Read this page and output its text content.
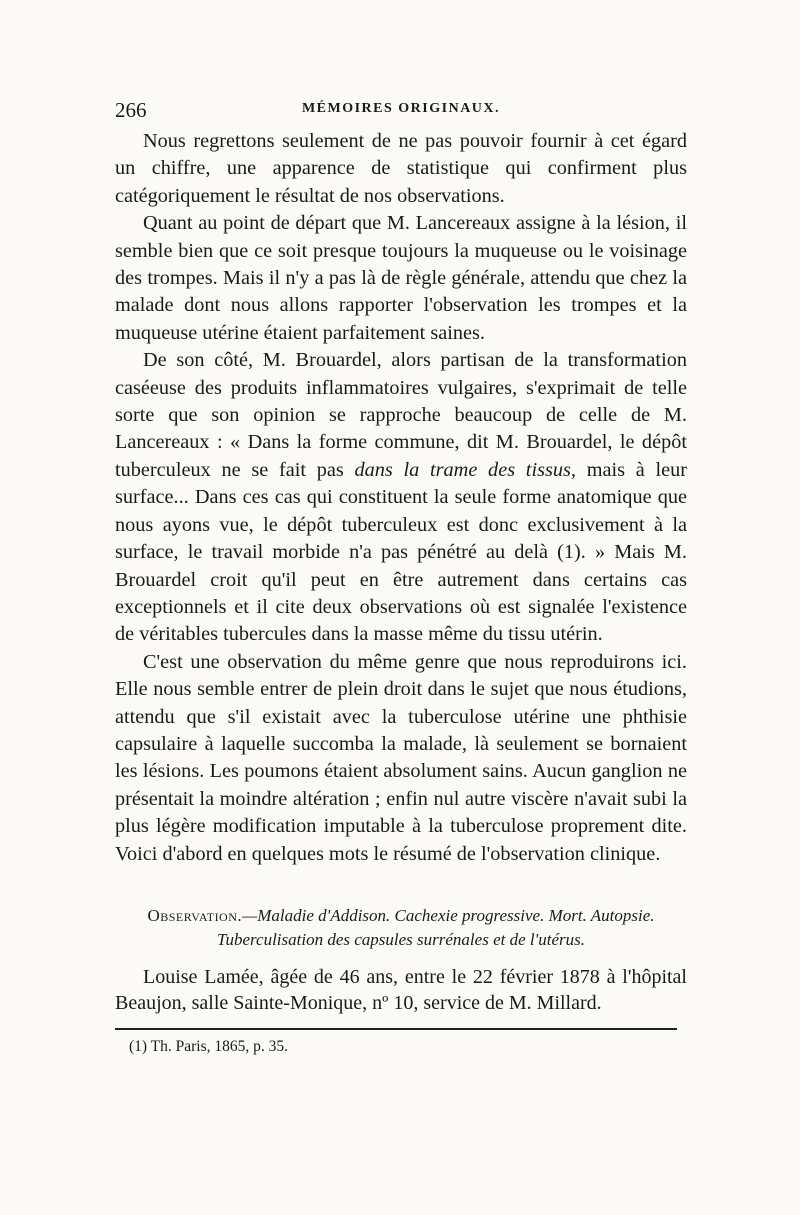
266	MÉMOIRES ORIGINAUX.

Nous regrettons seulement de ne pas pouvoir fournir à cet égard un chiffre, une apparence de statistique qui confirment plus catégoriquement le résultat de nos observations.

Quant au point de départ que M. Lancereaux assigne à la lésion, il semble bien que ce soit presque toujours la muqueuse ou le voisinage des trompes. Mais il n'y a pas là de règle générale, attendu que chez la malade dont nous allons rapporter l'observation les trompes et la muqueuse utérine étaient parfaitement saines.

De son côté, M. Brouardel, alors partisan de la transformation caséeuse des produits inflammatoires vulgaires, s'exprimait de telle sorte que son opinion se rapproche beaucoup de celle de M. Lancereaux : « Dans la forme commune, dit M. Brouardel, le dépôt tuberculeux ne se fait pas dans la trame des tissus, mais à leur surface... Dans ces cas qui constituent la seule forme anatomique que nous ayons vue, le dépôt tuberculeux est donc exclusivement à la surface, le travail morbide n'a pas pénétré au delà (1). » Mais M. Brouardel croit qu'il peut en être autrement dans certains cas exceptionnels et il cite deux observations où est signalée l'existence de véritables tubercules dans la masse même du tissu utérin.

C'est une observation du même genre que nous reproduirons ici. Elle nous semble entrer de plein droit dans le sujet que nous étudions, attendu que s'il existait avec la tuberculose utérine une phthisie capsulaire à laquelle succomba la malade, là seulement se bornaient les lésions. Les poumons étaient absolument sains. Aucun ganglion ne présentait la moindre altération ; enfin nul autre viscère n'avait subi la plus légère modification imputable à la tuberculose proprement dite. Voici d'abord en quelques mots le résumé de l'observation clinique.

Observation.—Maladie d'Addison. Cachexie progressive. Mort. Autopsie.
Tuberculisation des capsules surrénales et de l'utérus.

Louise Lamée, âgée de 46 ans, entre le 22 février 1878 à l'hôpital Beaujon, salle Sainte-Monique, nº 10, service de M. Millard.

(1) Th. Paris, 1865, p. 35.
